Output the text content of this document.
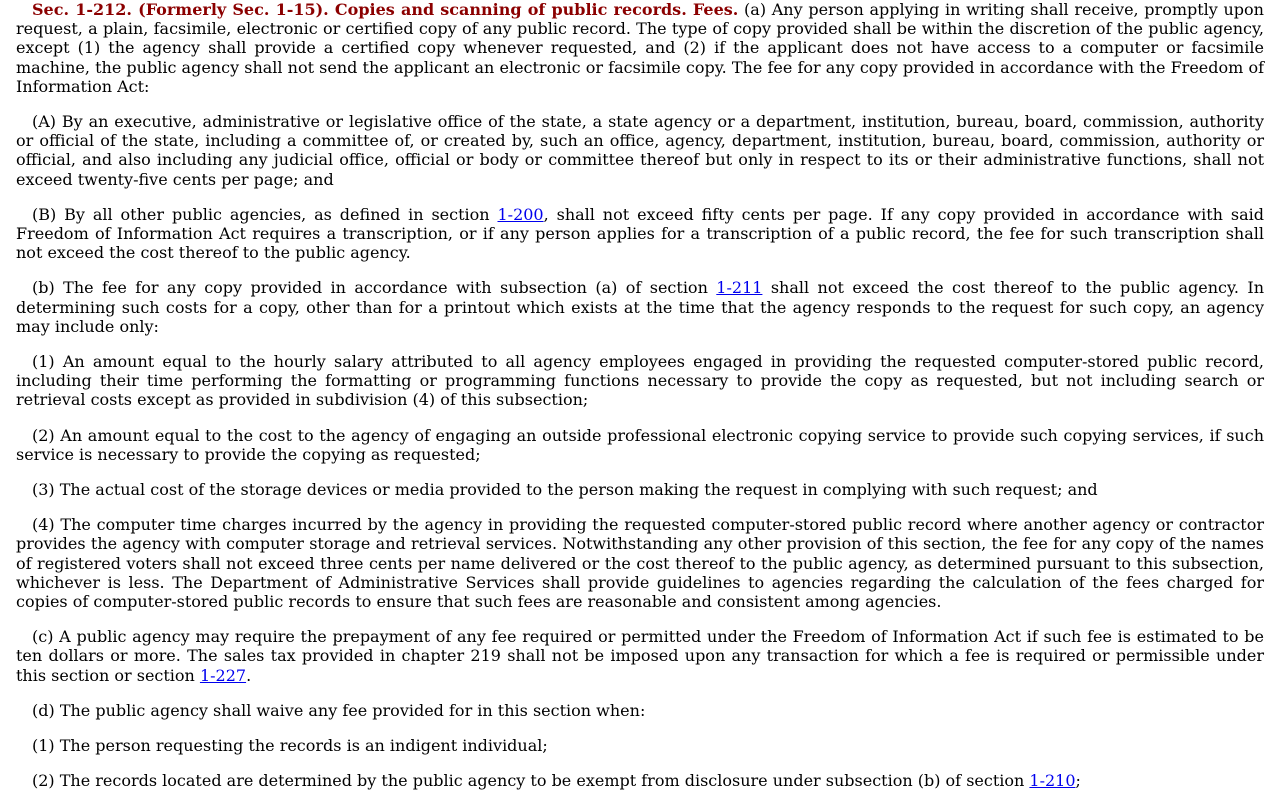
Sec. 1-212. (Formerly Sec. 1-15). Copies and scanning of public records. Fees. (a) Any person applying in writing shall receive, promptly upon request, a plain, facsimile, electronic or certified copy of any public record. The type of copy provided shall be within the discretion of the public agency, except (1) the agency shall provide a certified copy whenever requested, and (2) if the applicant does not have access to a computer or facsimile machine, the public agency shall not send the applicant an electronic or facsimile copy. The fee for any copy provided in accordance with the Freedom of Information Act:

(A) By an executive, administrative or legislative office of the state, a state agency or a department, institution, bureau, board, commission, authority or official of the state, including a committee of, or created by, such an office, agency, department, institution, bureau, board, commission, authority or official, and also including any judicial office, official or body or committee thereof but only in respect to its or their administrative functions, shall not exceed twenty-five cents per page; and

(B) By all other public agencies, as defined in section 1-200, shall not exceed fifty cents per page. If any copy provided in accordance with said Freedom of Information Act requires a transcription, or if any person applies for a transcription of a public record, the fee for such transcription shall not exceed the cost thereof to the public agency.

(b) The fee for any copy provided in accordance with subsection (a) of section 1-211 shall not exceed the cost thereof to the public agency. In determining such costs for a copy, other than for a printout which exists at the time that the agency responds to the request for such copy, an agency may include only:

(1) An amount equal to the hourly salary attributed to all agency employees engaged in providing the requested computer-stored public record, including their time performing the formatting or programming functions necessary to provide the copy as requested, but not including search or retrieval costs except as provided in subdivision (4) of this subsection;

(2) An amount equal to the cost to the agency of engaging an outside professional electronic copying service to provide such copying services, if such service is necessary to provide the copying as requested;

(3) The actual cost of the storage devices or media provided to the person making the request in complying with such request; and

(4) The computer time charges incurred by the agency in providing the requested computer-stored public record where another agency or contractor provides the agency with computer storage and retrieval services. Notwithstanding any other provision of this section, the fee for any copy of the names of registered voters shall not exceed three cents per name delivered or the cost thereof to the public agency, as determined pursuant to this subsection, whichever is less. The Department of Administrative Services shall provide guidelines to agencies regarding the calculation of the fees charged for copies of computer-stored public records to ensure that such fees are reasonable and consistent among agencies.

(c) A public agency may require the prepayment of any fee required or permitted under the Freedom of Information Act if such fee is estimated to be ten dollars or more. The sales tax provided in chapter 219 shall not be imposed upon any transaction for which a fee is required or permissible under this section or section 1-227.

(d) The public agency shall waive any fee provided for in this section when:

(1) The person requesting the records is an indigent individual;

(2) The records located are determined by the public agency to be exempt from disclosure under subsection (b) of section 1-210;
